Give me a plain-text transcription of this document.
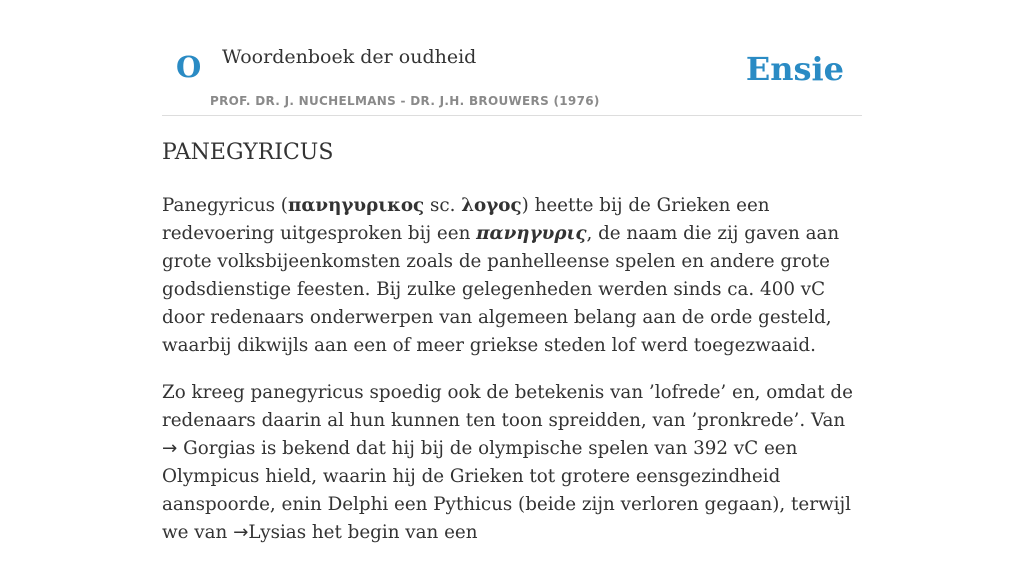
O Woordenboek der oudheid
PROF. DR. J. NUCHELMANS - DR. J.H. BROUWERS (1976)
Ensie
PANEGYRICUS

Panegyricus (πανηγυρικος sc. λογος) heette bij de Grieken een redevoering uitgesproken bij een πανηγυρις, de naam die zij gaven aan grote volksbijeenkomsten zoals de panhelleense spelen en andere grote godsdienstige feesten. Bij zulke gelegenheden werden sinds ca. 400 vC door redenaars onderwerpen van algemeen belang aan de orde gesteld, waarbij dikwijls aan een of meer griekse steden lof werd toegezwaaid.

Zo kreeg panegyricus spoedig ook de betekenis van ’lofrede’ en, omdat de redenaars daarin al hun kunnen ten toon spreidden, van ’pronkrede’. Van → Gorgias is bekend dat hij bij de olympische spelen van 392 vC een Olympicus hield, waarin hij de Grieken tot grotere eensgezindheid aanspoorde, enin Delphi een Pythicus (beide zijn verloren gegaan), terwijl we van →Lysias het begin van een
